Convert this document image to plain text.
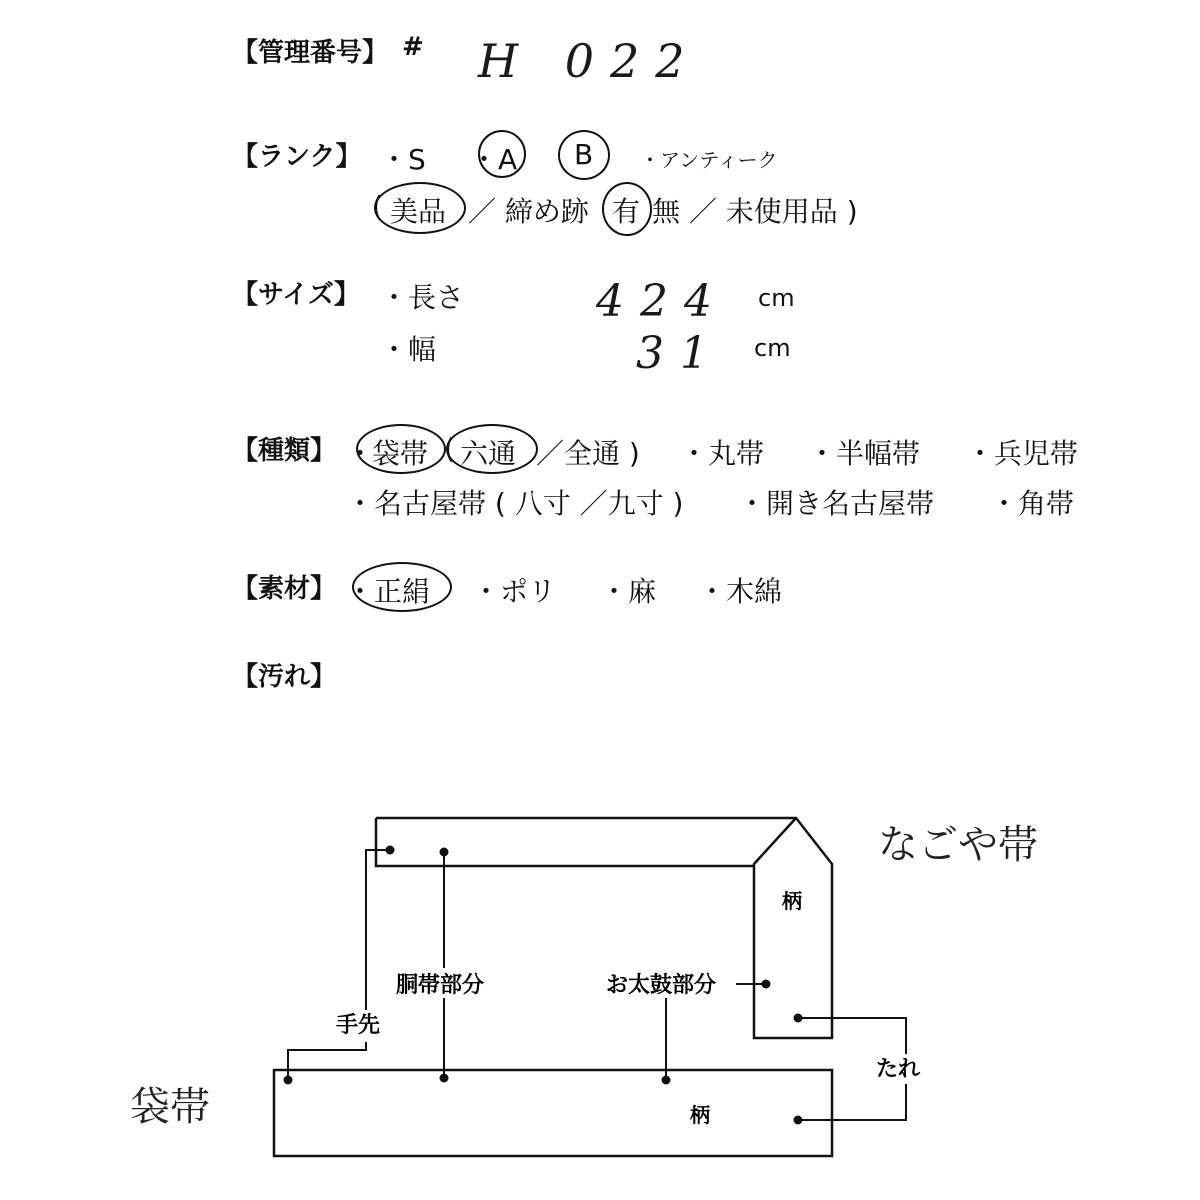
【管理番号】 # H 022
【ランク】 ・S ・A B ・アンティーク
( 美品 ／ 締め跡 有 無 ／ 未使用品 )
【サイズ】 ・長さ	424 cm
・幅	31 cm
【種類】 ・
袋帯 ( 六通 ／全通 ) ・丸帯 ・半幅帯 ・兵児帯
・名古屋帯 ( 八寸 ／九寸 ) ・開き名古屋帯 ・角帯
【素材】 ・ 正絹 ・ポリ ・麻 ・木綿
【汚れ】
なごや帯
袋帯
柄
柄
胴帯部分	お太鼓部分
手先
たれ
